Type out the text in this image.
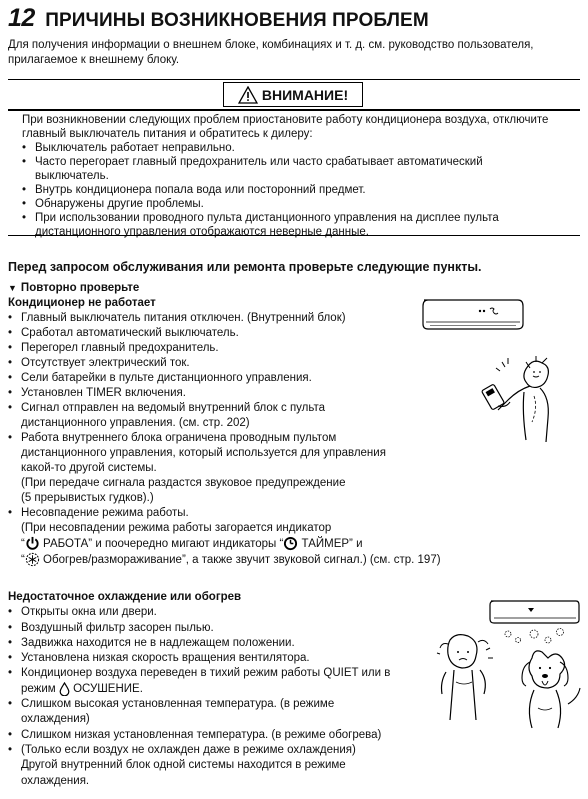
12 ПРИЧИНЫ ВОЗНИКНОВЕНИЯ ПРОБЛЕМ
Для получения информации о внешнем блоке, комбинациях и т. д. см. руководство пользователя,
прилагаемое к внешнему блоку.
ВНИМАНИЕ!
При возникновении следующих проблем приостановите работу кондиционера воздуха, отключите
главный выключатель питания и обратитесь к дилеру:
• Выключатель работает неправильно.
• Часто перегорает главный предохранитель или часто срабатывает автоматический
выключатель.
• Внутрь кондиционера попала вода или посторонний предмет.
• Обнаружены другие проблемы.
• При использовании проводного пульта дистанционного управления на дисплее пульта
дистанционного управления отображаются неверные данные.
Перед запросом обслуживания или ремонта проверьте следующие пункты.
▼ Повторно проверьте
Кондиционер не работает
• Главный выключатель питания отключен. (Внутренний блок)
• Сработал автоматический выключатель.
• Перегорел главный предохранитель.
• Отсутствует электрический ток.
• Сели батарейки в пульте дистанционного управления.
• Установлен TIMER включения.
• Сигнал отправлен на ведомый внутренний блок с пульта
дистанционного управления. (см. стр. 202)
• Работа внутреннего блока ограничена проводным пультом
дистанционного управления, который используется для управления
какой-то другой системы.
(При передаче сигнала раздастся звуковое предупреждение
(5 прерывистых гудков).)
• Несовпадение режима работы.
(При несовпадении режима работы загорается индикатор
“ РАБОТА” и поочередно мигают индикаторы “ ТАЙМЕР” и
“ Обогрев/размораживание”, а также звучит звуковой сигнал.) (см. стр. 197)
Недостаточное охлаждение или обогрев
• Открыты окна или двери.
• Воздушный фильтр засорен пылью.
• Задвижка находится не в надлежащем положении.
• Установлена низкая скорость вращения вентилятора.
• Кондиционер воздуха переведен в тихий режим работы QUIET или в
режим ОСУШЕНИЕ.
• Слишком высокая установленная температура. (в режиме
охлаждения)
• Слишком низкая установленная температура. (в режиме обогрева)
• (Только если воздух не охлажден даже в режиме охлаждения)
Другой внутренний блок одной системы находится в режиме
охлаждения.
